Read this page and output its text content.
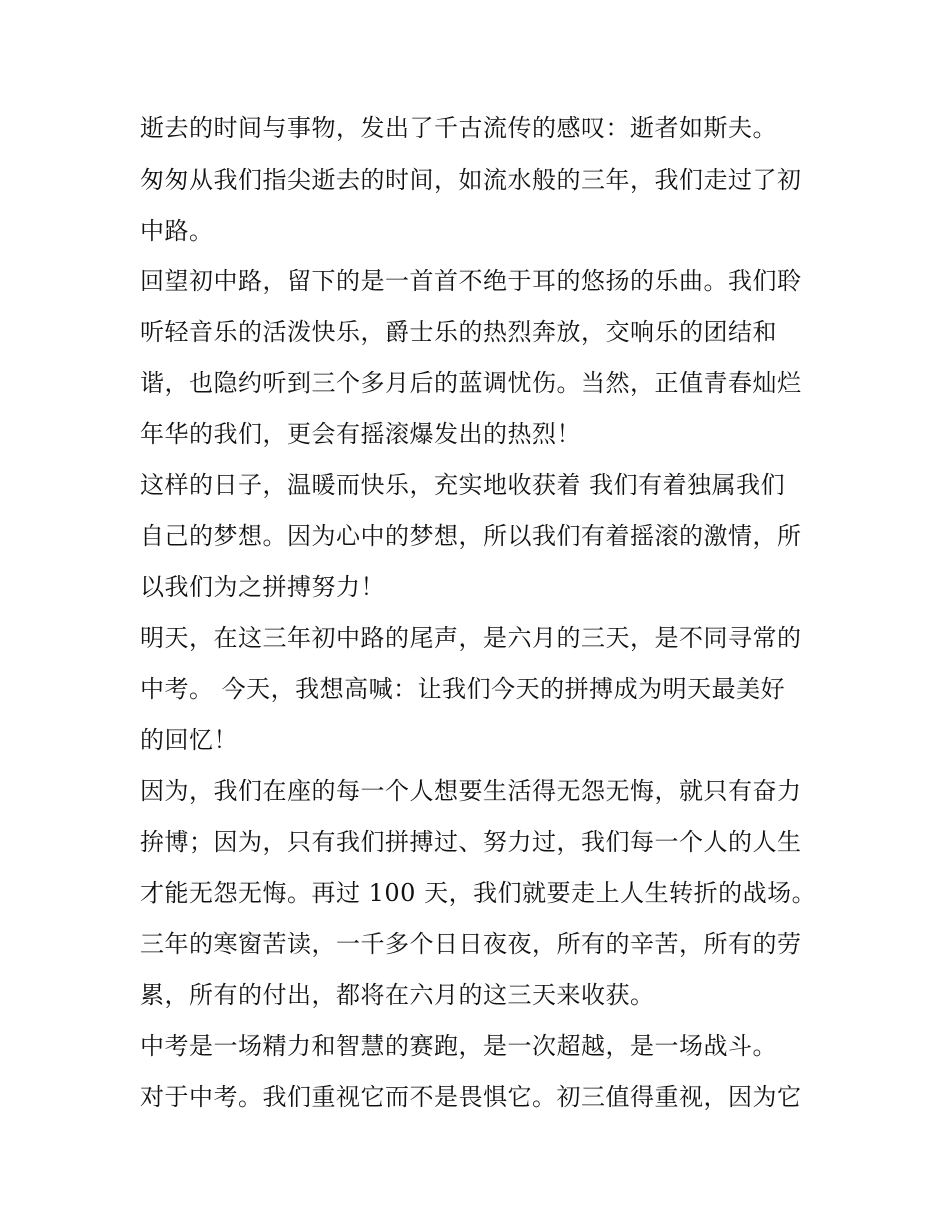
逝去的时间与事物，发出了千古流传的感叹：逝者如斯夫。
匆匆从我们指尖逝去的时间，如流水般的三年，我们走过了初
中路。
回望初中路，留下的是一首首不绝于耳的悠扬的乐曲。我们聆
听轻音乐的活泼快乐，爵士乐的热烈奔放，交响乐的团结和
谐，也隐约听到三个多月后的蓝调忧伤。当然，正值青春灿烂
年华的我们，更会有摇滚爆发出的热烈！
这样的日子，温暖而快乐，充实地收获着 我们有着独属我们
自己的梦想。因为心中的梦想，所以我们有着摇滚的激情，所
以我们为之拼搏努力！
明天，在这三年初中路的尾声，是六月的三天，是不同寻常的
中考。 今天，我想高喊：让我们今天的拼搏成为明天最美好
的回忆！
因为，我们在座的每一个人想要生活得无怨无悔，就只有奋力
拚博；因为，只有我们拼搏过、努力过，我们每一个人的人生
才能无怨无悔。再过 100 天，我们就要走上人生转折的战场。
三年的寒窗苦读，一千多个日日夜夜，所有的辛苦，所有的劳
累，所有的付出，都将在六月的这三天来收获。
中考是一场精力和智慧的赛跑，是一次超越，是一场战斗。
对于中考。我们重视它而不是畏惧它。初三值得重视，因为它
